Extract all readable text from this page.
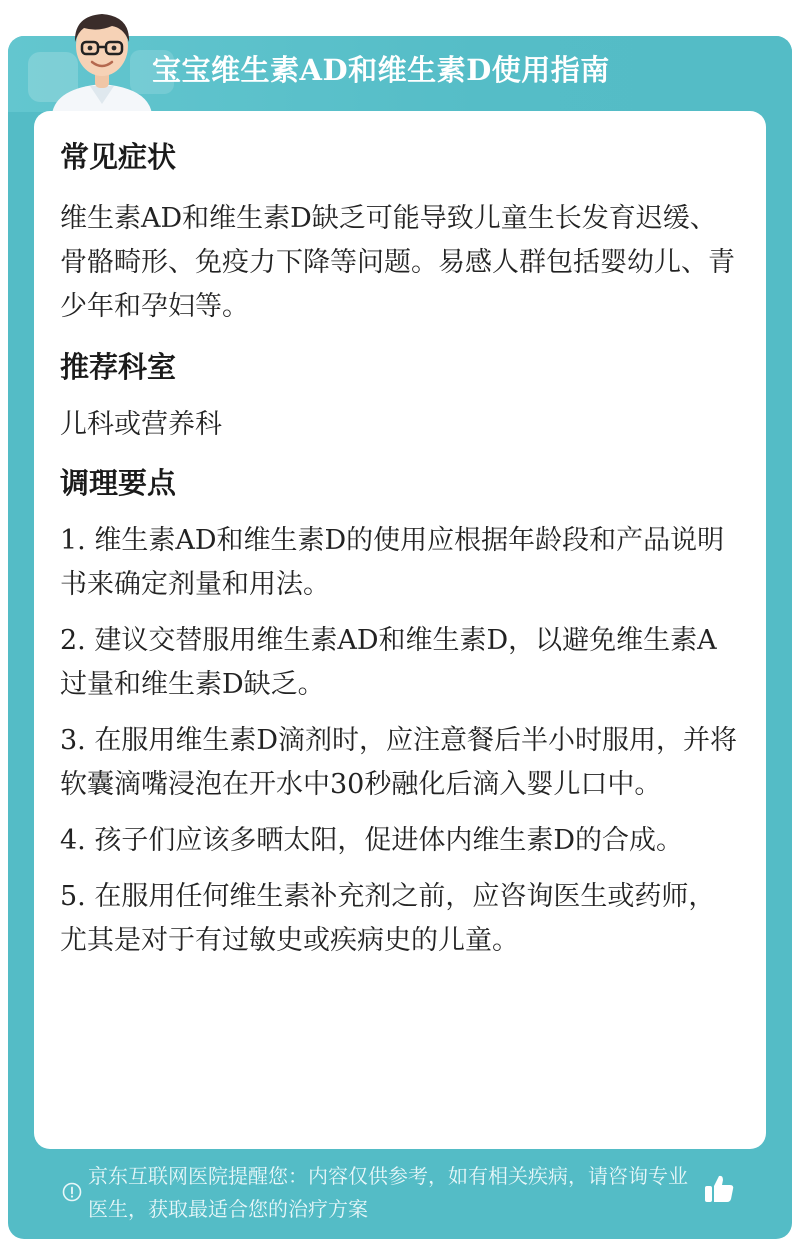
宝宝维生素AD和维生素D使用指南
常见症状

维生素AD和维生素D缺乏可能导致儿童生长发育迟缓、骨骼畸形、免疫力下降等问题。易感人群包括婴幼儿、青少年和孕妇等。

推荐科室

儿科或营养科

调理要点
1. 维生素AD和维生素D的使用应根据年龄段和产品说明书来确定剂量和用法。
2. 建议交替服用维生素AD和维生素D，以避免维生素A过量和维生素D缺乏。
3. 在服用维生素D滴剂时，应注意餐后半小时服用，并将软囊滴嘴浸泡在开水中30秒融化后滴入婴儿口中。
4. 孩子们应该多晒太阳，促进体内维生素D的合成。
5. 在服用任何维生素补充剂之前，应咨询医生或药师，尤其是对于有过敏史或疾病史的儿童。
京东互联网医院提醒您：内容仅供参考，如有相关疾病，请咨询专业医生，获取最适合您的治疗方案
